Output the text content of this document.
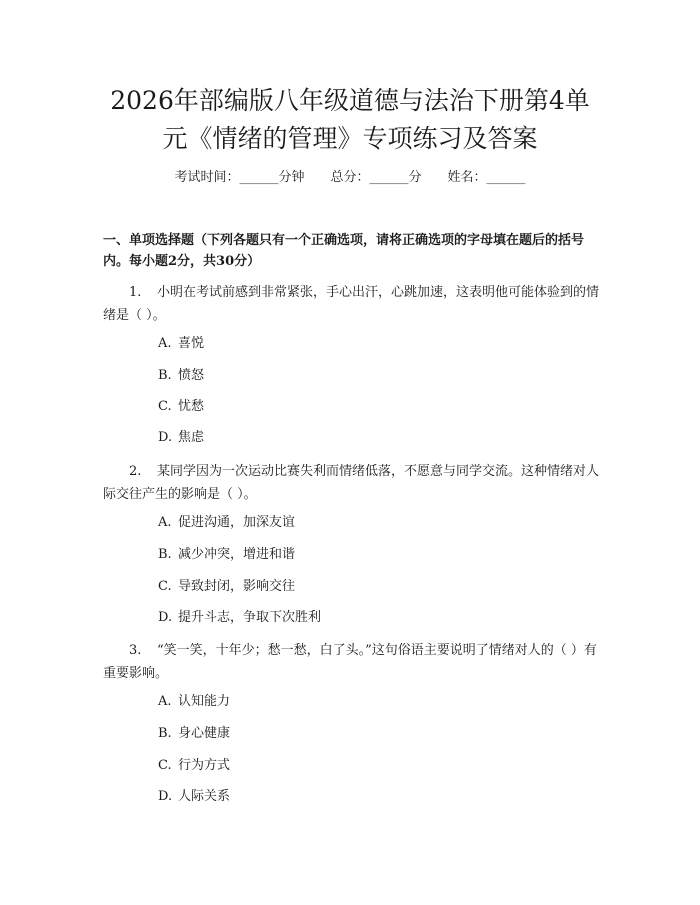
2026年部编版八年级道德与法治下册第4单
元《情绪的管理》专项练习及答案
考试时间：______分钟 总分：______分 姓名：______

一、单项选择题（下列各题只有一个正确选项，请将正确选项的字母填在题后的括号内。每小题2分，共30分）

1. 小明在考试前感到非常紧张，手心出汗，心跳加速，这表明他可能体验到的情绪是（ ）。

A. 喜悦
B. 愤怒
C. 忧愁
D. 焦虑

2. 某同学因为一次运动比赛失利而情绪低落，不愿意与同学交流。这种情绪对人际交往产生的影响是（ ）。

A. 促进沟通，加深友谊
B. 减少冲突，增进和谐
C. 导致封闭，影响交往
D. 提升斗志，争取下次胜利

3. “笑一笑，十年少；愁一愁，白了头。”这句俗语主要说明了情绪对人的（ ）有重要影响。

A. 认知能力
B. 身心健康
C. 行为方式
D. 人际关系
